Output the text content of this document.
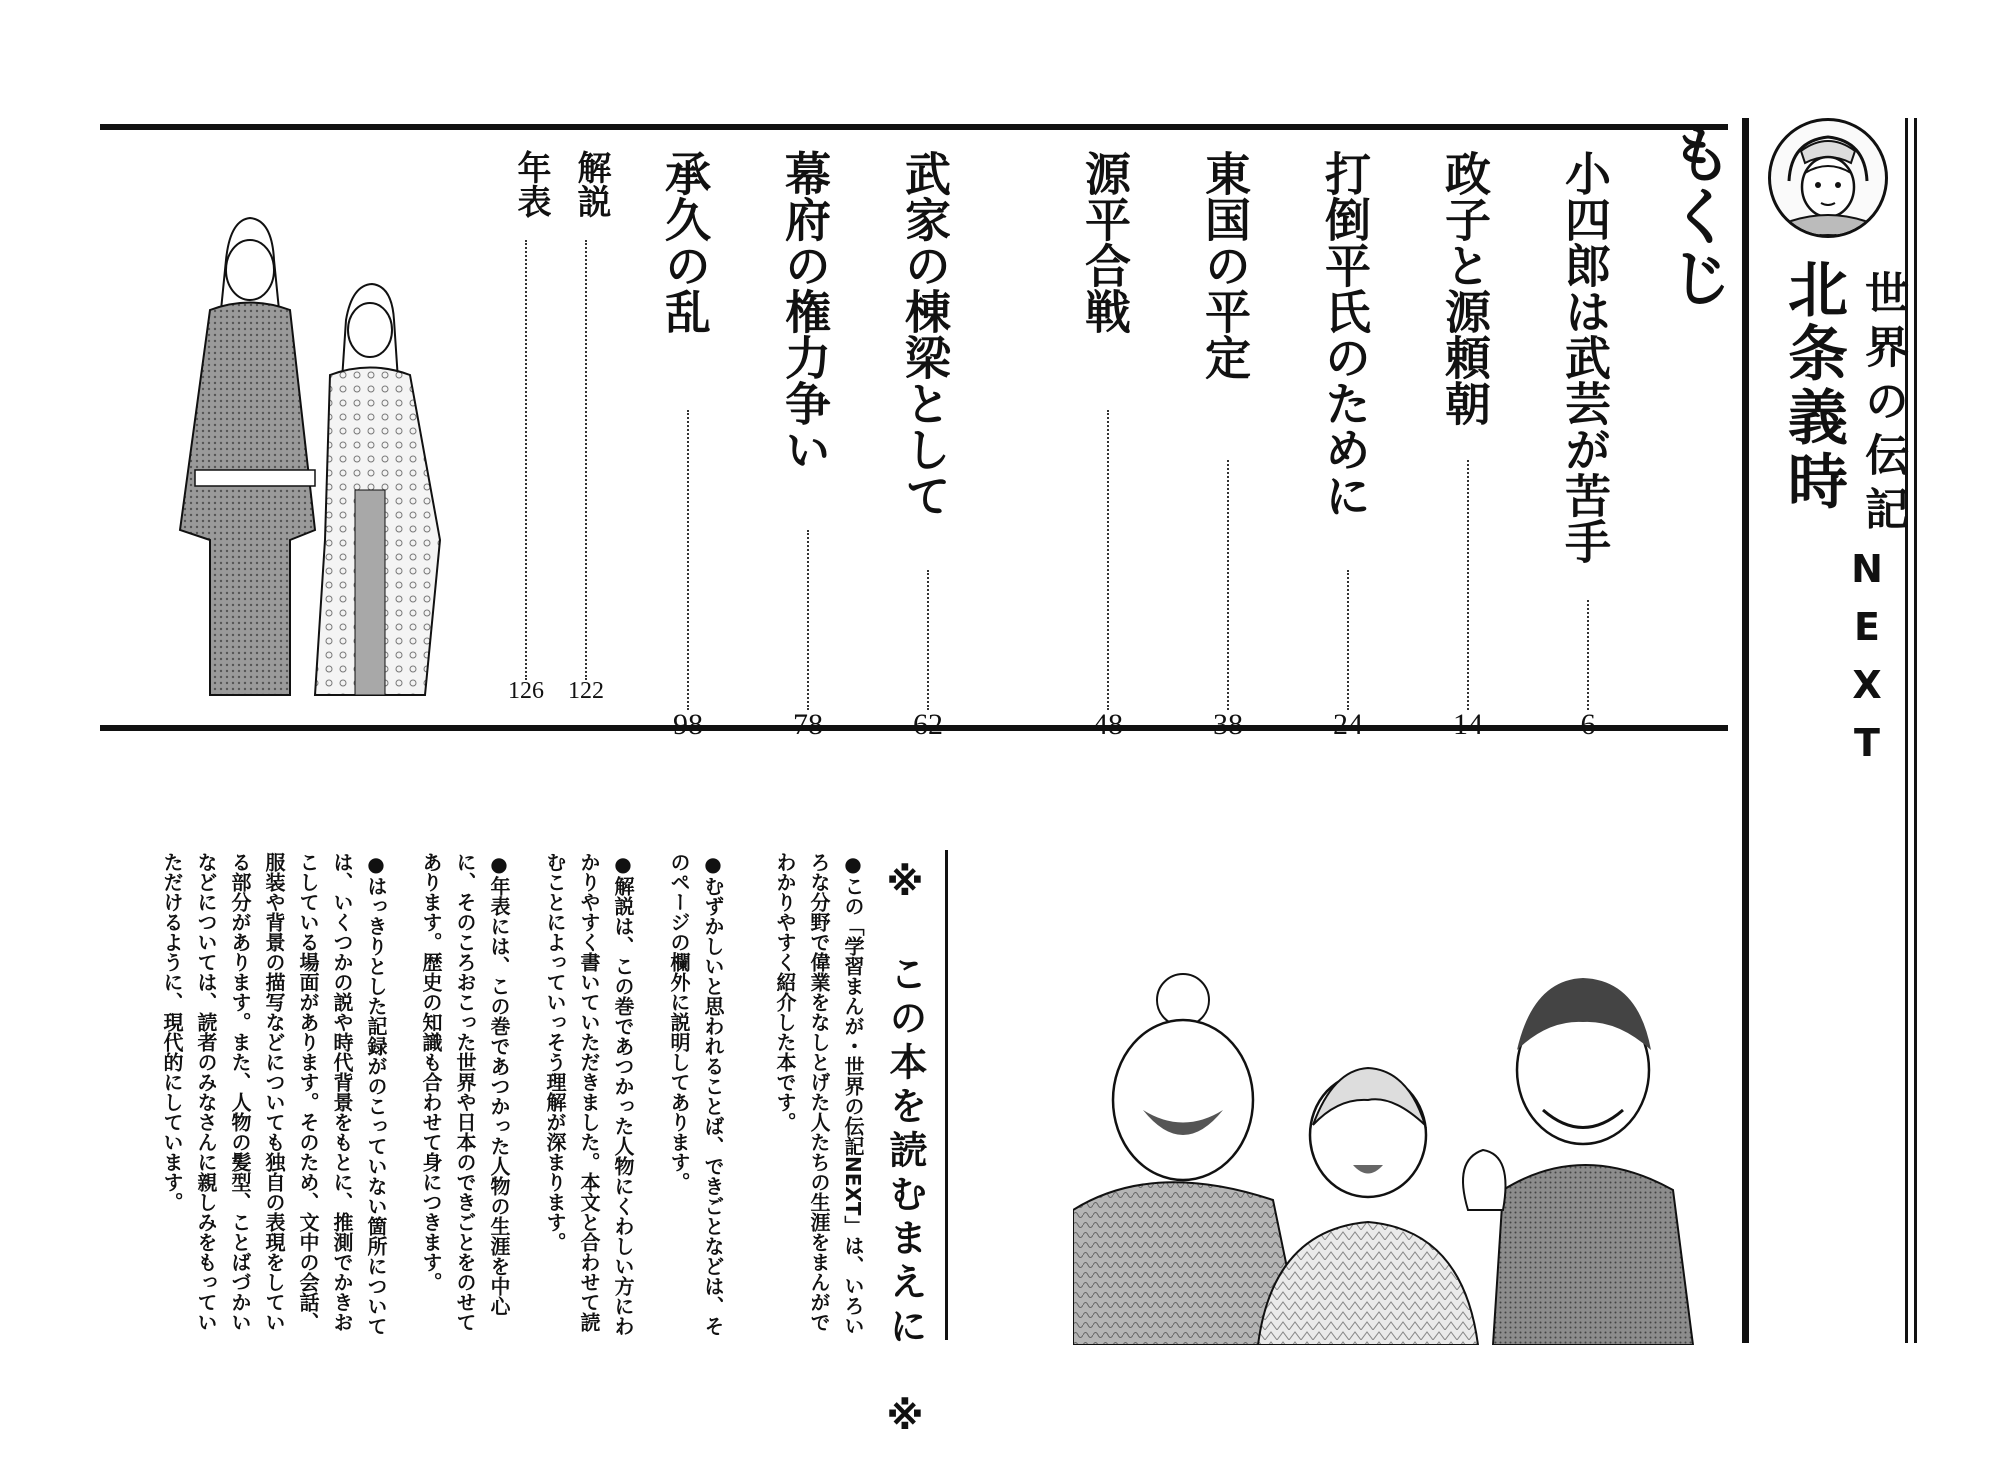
世界の伝記
北条義時
N
E
X
T
もくじ
小四郎は武芸が苦手
6
政子と源頼朝
14
打倒平氏のために
24
東国の平定
38
源平合戦
48
武家の棟梁として
62
幕府の権力争い
78
承久の乱
98
解説
122
年表
126
※　この本を読むまえに　※
●この「学習まんが・世界の伝記NEXT」は、いろいろな分野で偉業をなしとげた人たちの生涯をまんがでわかりやすく紹介した本です。
●むずかしいと思われることば、できごとなどは、そのページの欄外に説明してあります。
●解説は、この巻であつかった人物にくわしい方にわかりやすく書いていただきました。本文と合わせて読むことによっていっそう理解が深まります。
●年表には、この巻であつかった人物の生涯を中心に、そのころおこった世界や日本のできごとをのせてあります。歴史の知識も合わせて身につきます。
●はっきりとした記録がのこっていない箇所については、いくつかの説や時代背景をもとに、推測でかきおこしている場面があります。そのため、文中の会話、服装や背景の描写などについても独自の表現をしている部分があります。また、人物の髪型、ことばづかいなどについては、読者のみなさんに親しみをもっていただけるように、現代的にしています。
